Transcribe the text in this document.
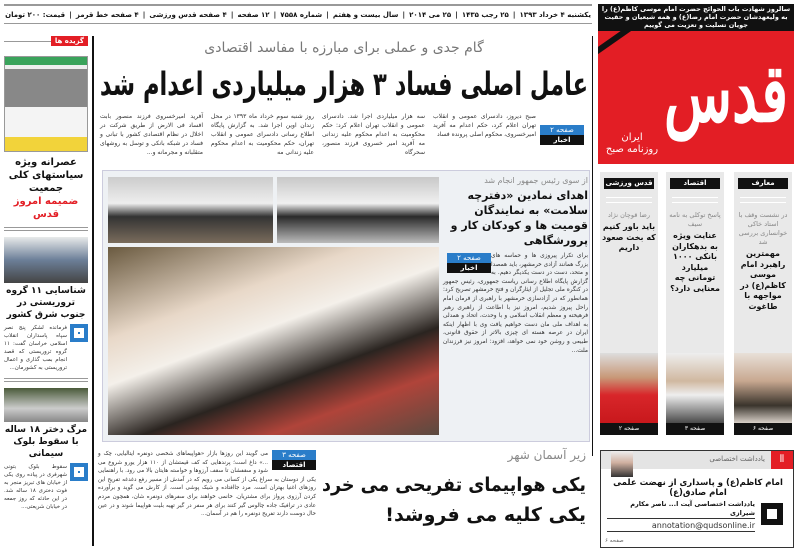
یکشنبه ۴ خرداد ۱۳۹۳
|
۲۵ رجب ۱۴۳۵
|
۲۵ می ۲۰۱۴
|
سال بیست و هفتم
|
شماره ۷۵۵۸
|
۱۲ صفحه
|
۴ صفحه قدس ورزشی
|
۴ صفحه خط قرمز
|
قیمت: ۲۰۰ تومان
سالروز شهادت باب الحوائج حضرت امام موسی کاظم(ع) را به ولیعهدشان حضرت امام رضا(ع) و همه شیعیان و حقیت جویان تسلیت و تعزیت می گوییم
ایران
روزنامه صبح
قدس
گزیده ها
عصرانه ویژه سیاستهای کلی جمعیت
ضمیمه امروز قدس
شناسایی ۱۱ گروه تروریستی در جنوب شرق کشور
فرمانده لشکر پنج نصر سپاه پاسداران انقلاب اسلامی خراسان گفت: ۱۱ گروه تروریستی که قصد انجام بمب گذاری و اعمال تروریستی به کشورمان...
مرگ دختر ۱۸ ساله با سقوط بلوک سیمانی
سقوط بلوک بتونی شهرفری در پیاده روی یکی از خیابان های تبریز منجر به فوت دختری ۱۸ ساله شد. در این حادثه که روز جمعه در خیابان شریعتی...
گام جدی و عملی برای مبارزه با مفاسد اقتصادی
عامل اصلی فساد ۳ هزار میلیاردی اعدام شد
صفحه ۲
اخبار
صبح دیروز، دادسرای عمومی و انقلاب تهران اعلام کرد، حکم اعدام مه آفرید امیرخسروی، محکوم اصلی پرونده فساد
سه هزار میلیاردی اجرا شد. دادسرای عمومی و انقلاب تهران اعلام کرد: حکم محکومیت به اعدام محکوم علیه زندانی مه آفرید امیر خسروی فرزند منصور، سحرگاه
روز شنبه سوم خرداد ماه ۱۳۹۳ در محل زندان اوین اجرا شد. به گزارش پایگاه اطلاع رسانی دادسرای عمومی و انقلاب تهران، حکم محکومیت به اعدام محکوم علیه زندانی مه
آفرید امیرخسروی فرزند منصور بابت افساد فی الارض از طریق شرکت در اخلال در نظام اقتصادی کشور با تبانی و فساد در شبکه بانکی و توسل به روشهای متقلبانه و مجرمانه و...
از سوی رئیس جمهور انجام شد
اهدای نمادین «دفترچه سلامت» به نمایندگان قومیت ها و کودکان کار و پرورشگاهی
صفحه ۲
اخبار
برای تکرار پیروزی ها و حماسه های بزرگ همانند آزادی خرمشهر، باید همصدا و متحد، دست در دست یکدیگر دهیم. به گزارش پایگاه اطلاع رسانی ریاست جمهوری، رئیس جمهور در کنگره ملی تجلیل از ایثارگران و فتح خرمشهر تصریح کرد: همانطور که در آزادسازی خرمشهر با راهبری از فرمان امام راحل پیروز شدیم، امروز نیز با اطاعت از راهبری رهبر فرهیخته و معظم انقلاب اسلامی و با وحدت، اتحاد و همدلی به اهداف ملی مان دست خواهیم یافت وی با اظهار اینکه ایران در عرصه هسته ای چیزی بالاتر از حقوق قانونی، طبیعی و روشن خود نمی خواهد، افزود: امروز نیز فرزندان ملت...
زیر آسمان شهر
یکی هواپیمای تفریحی می خرد
یکی کلیه می فروشد!
صفحه ۳
اقتصاد
می گویند این روزها بازار «هواپیماهای شخصی دونفره ایتالیایی، چک و ...» داغ است؛ پرندهایی که کف قیمتشان از ۱۱۰ هزار یورو شروع می شود و سقفشان تا سقف آرزوها و خواسته هایتان بالا می رود. با راهنمایی یکی از دوستان به سراغ یکی از کسانی می رویم که در آمدش از مسیر رفع دغدغه تفریح این روزهای اغنیا بهتران است. مرد جاافتاده و شیک پوشی است. از کارش می گوید و برآورده کردن آرزوی پرواز برای مشتریان. خانمی خواهند برای سفرهای دونفره شان، همچون مردم عادی در ترافیک جاده چالوس گیر کنند برای هر سفر در گیر تهیه بلیت هواپیما شوند و در عین حال دوست دارند تفریح دونفره را هم در آسمان...
معارف
در نشست وقف با استاد خاکی خوانساری بررسی شد
مهمترین راهبرد امام موسی کاظم(ع) در مواجهه با طاغوت
اقتصاد
پاسخ توکلی به نامه سیف
عنایت ویژه به بدهکاران بانکی ۱۰۰۰ میلیارد تومانی چه معنایی دارد؟
قدس ورزشی
رضا قوچان نژاد
باید باور کنیم که بخت صعود داریم
صفحه ۶
صفحه ۳
صفحه ۲
⦀
یادداشت اختصاصی
امام کاظم(ع) و پاسداری از نهضت علمی امام صادق(ع)
یادداشت اختصاصی آیت ا... ناصر مکارم شیرازی
annotation@qudsonline.ir
صفحه ۶
